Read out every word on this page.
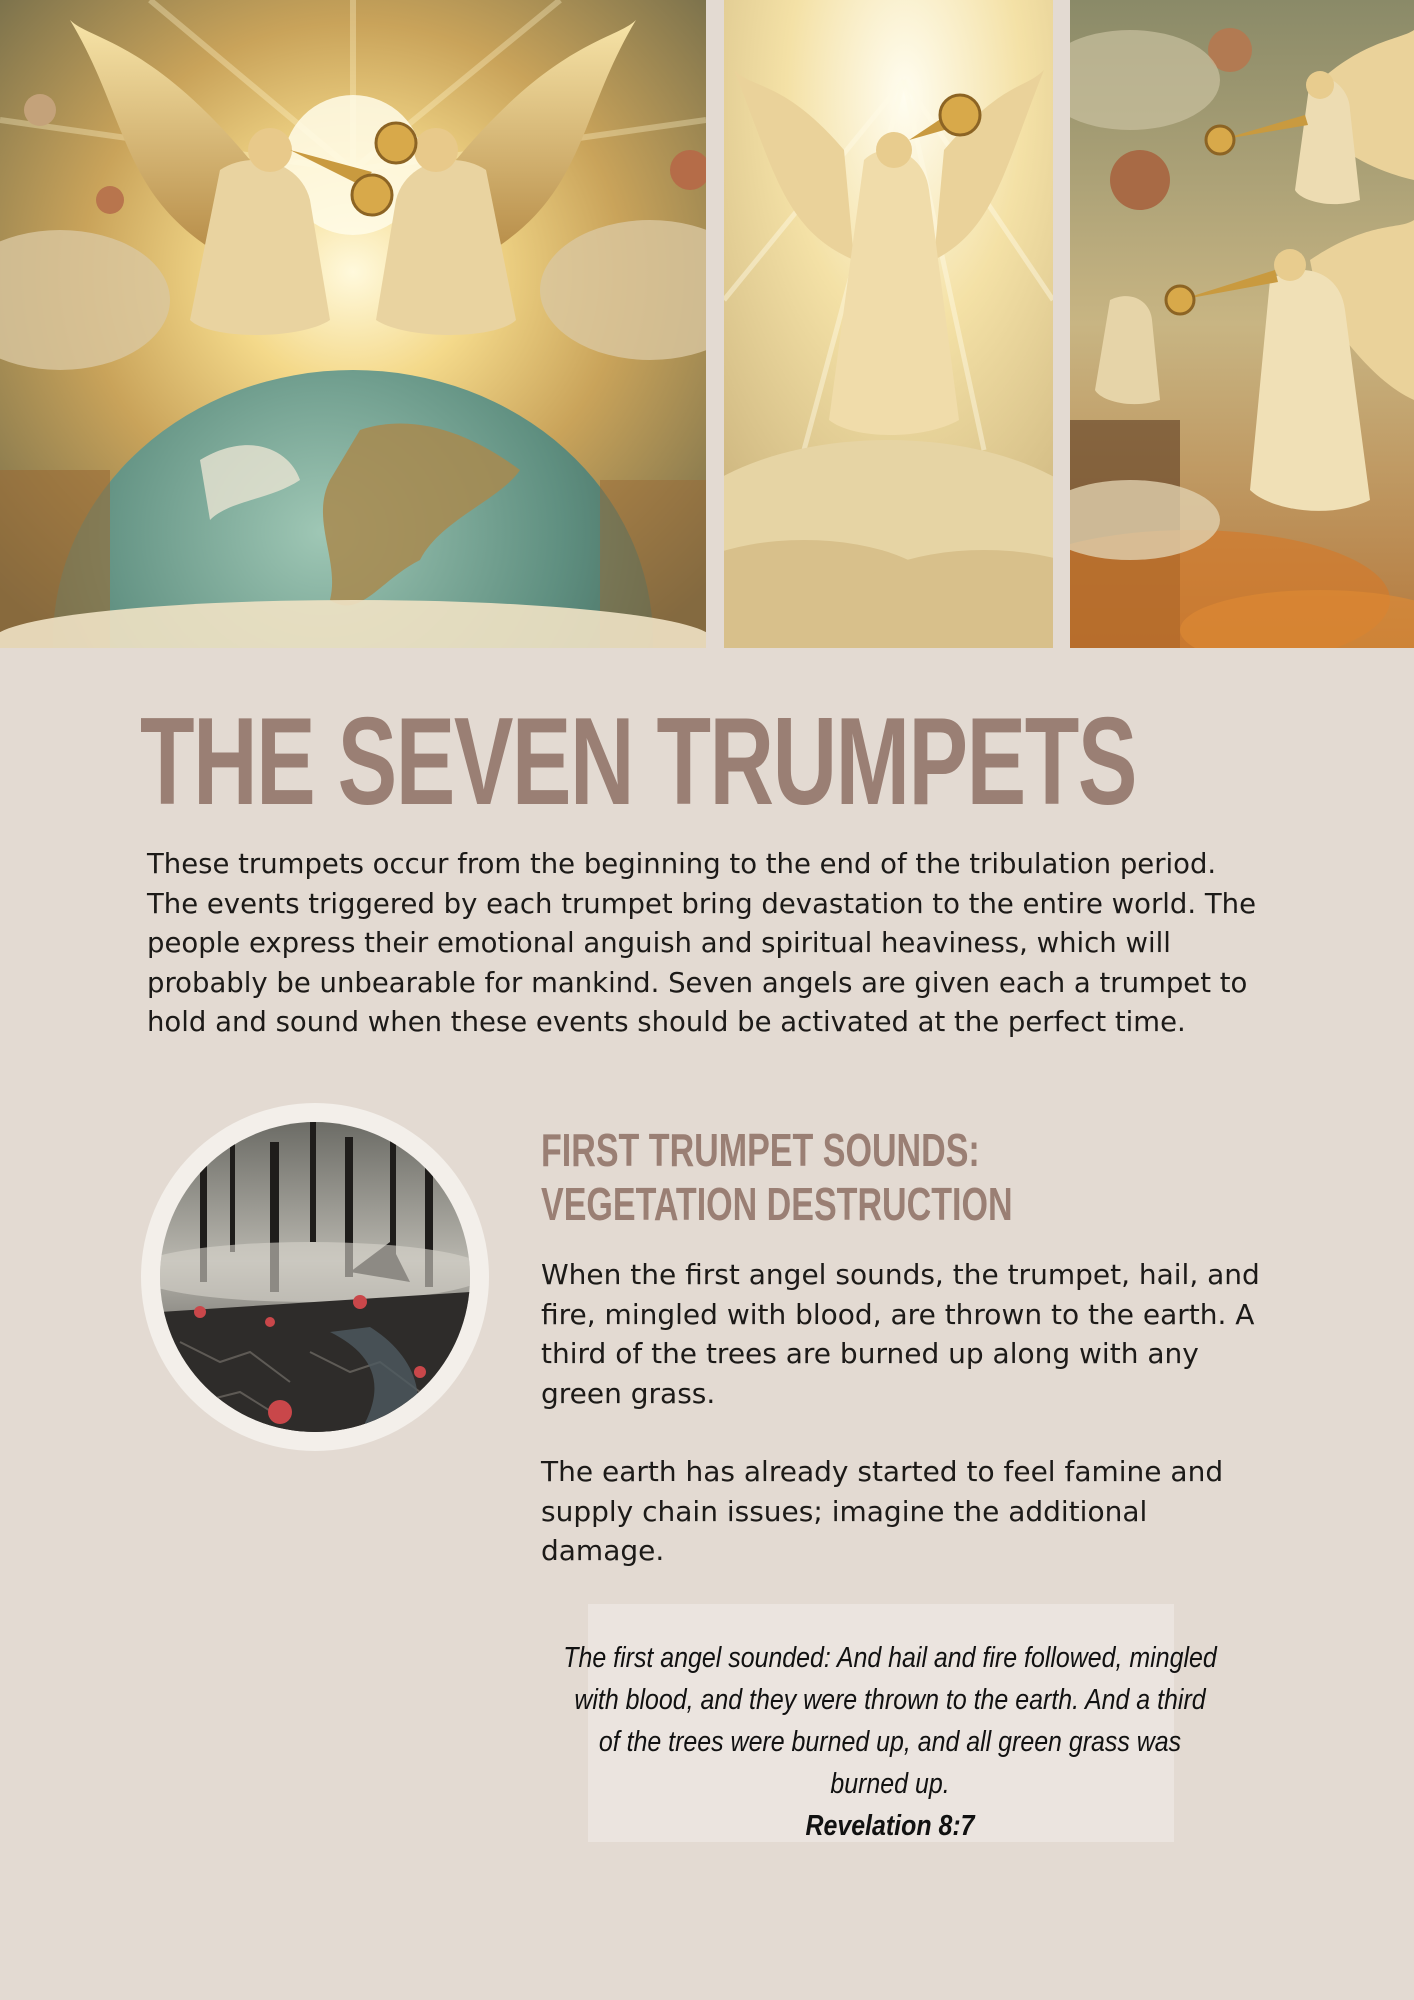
THE SEVEN TRUMPETS

These trumpets occur from the beginning to the end of the tribulation period. The events triggered by each trumpet bring devastation to the entire world. The people express their emotional anguish and spiritual heaviness, which will probably be unbearable for mankind. Seven angels are given each a trumpet to hold and sound when these events should be activated at the perfect time.

FIRST TRUMPET SOUNDS: VEGETATION DESTRUCTION

When the first angel sounds, the trumpet, hail, and fire, mingled with blood, are thrown to the earth. A third of the trees are burned up along with any green grass.

The earth has already started to feel famine and supply chain issues; imagine the additional damage.

The first angel sounded: And hail and fire followed, mingled with blood, and they were thrown to the earth. And a third of the trees were burned up, and all green grass was burned up.
Revelation 8:7
